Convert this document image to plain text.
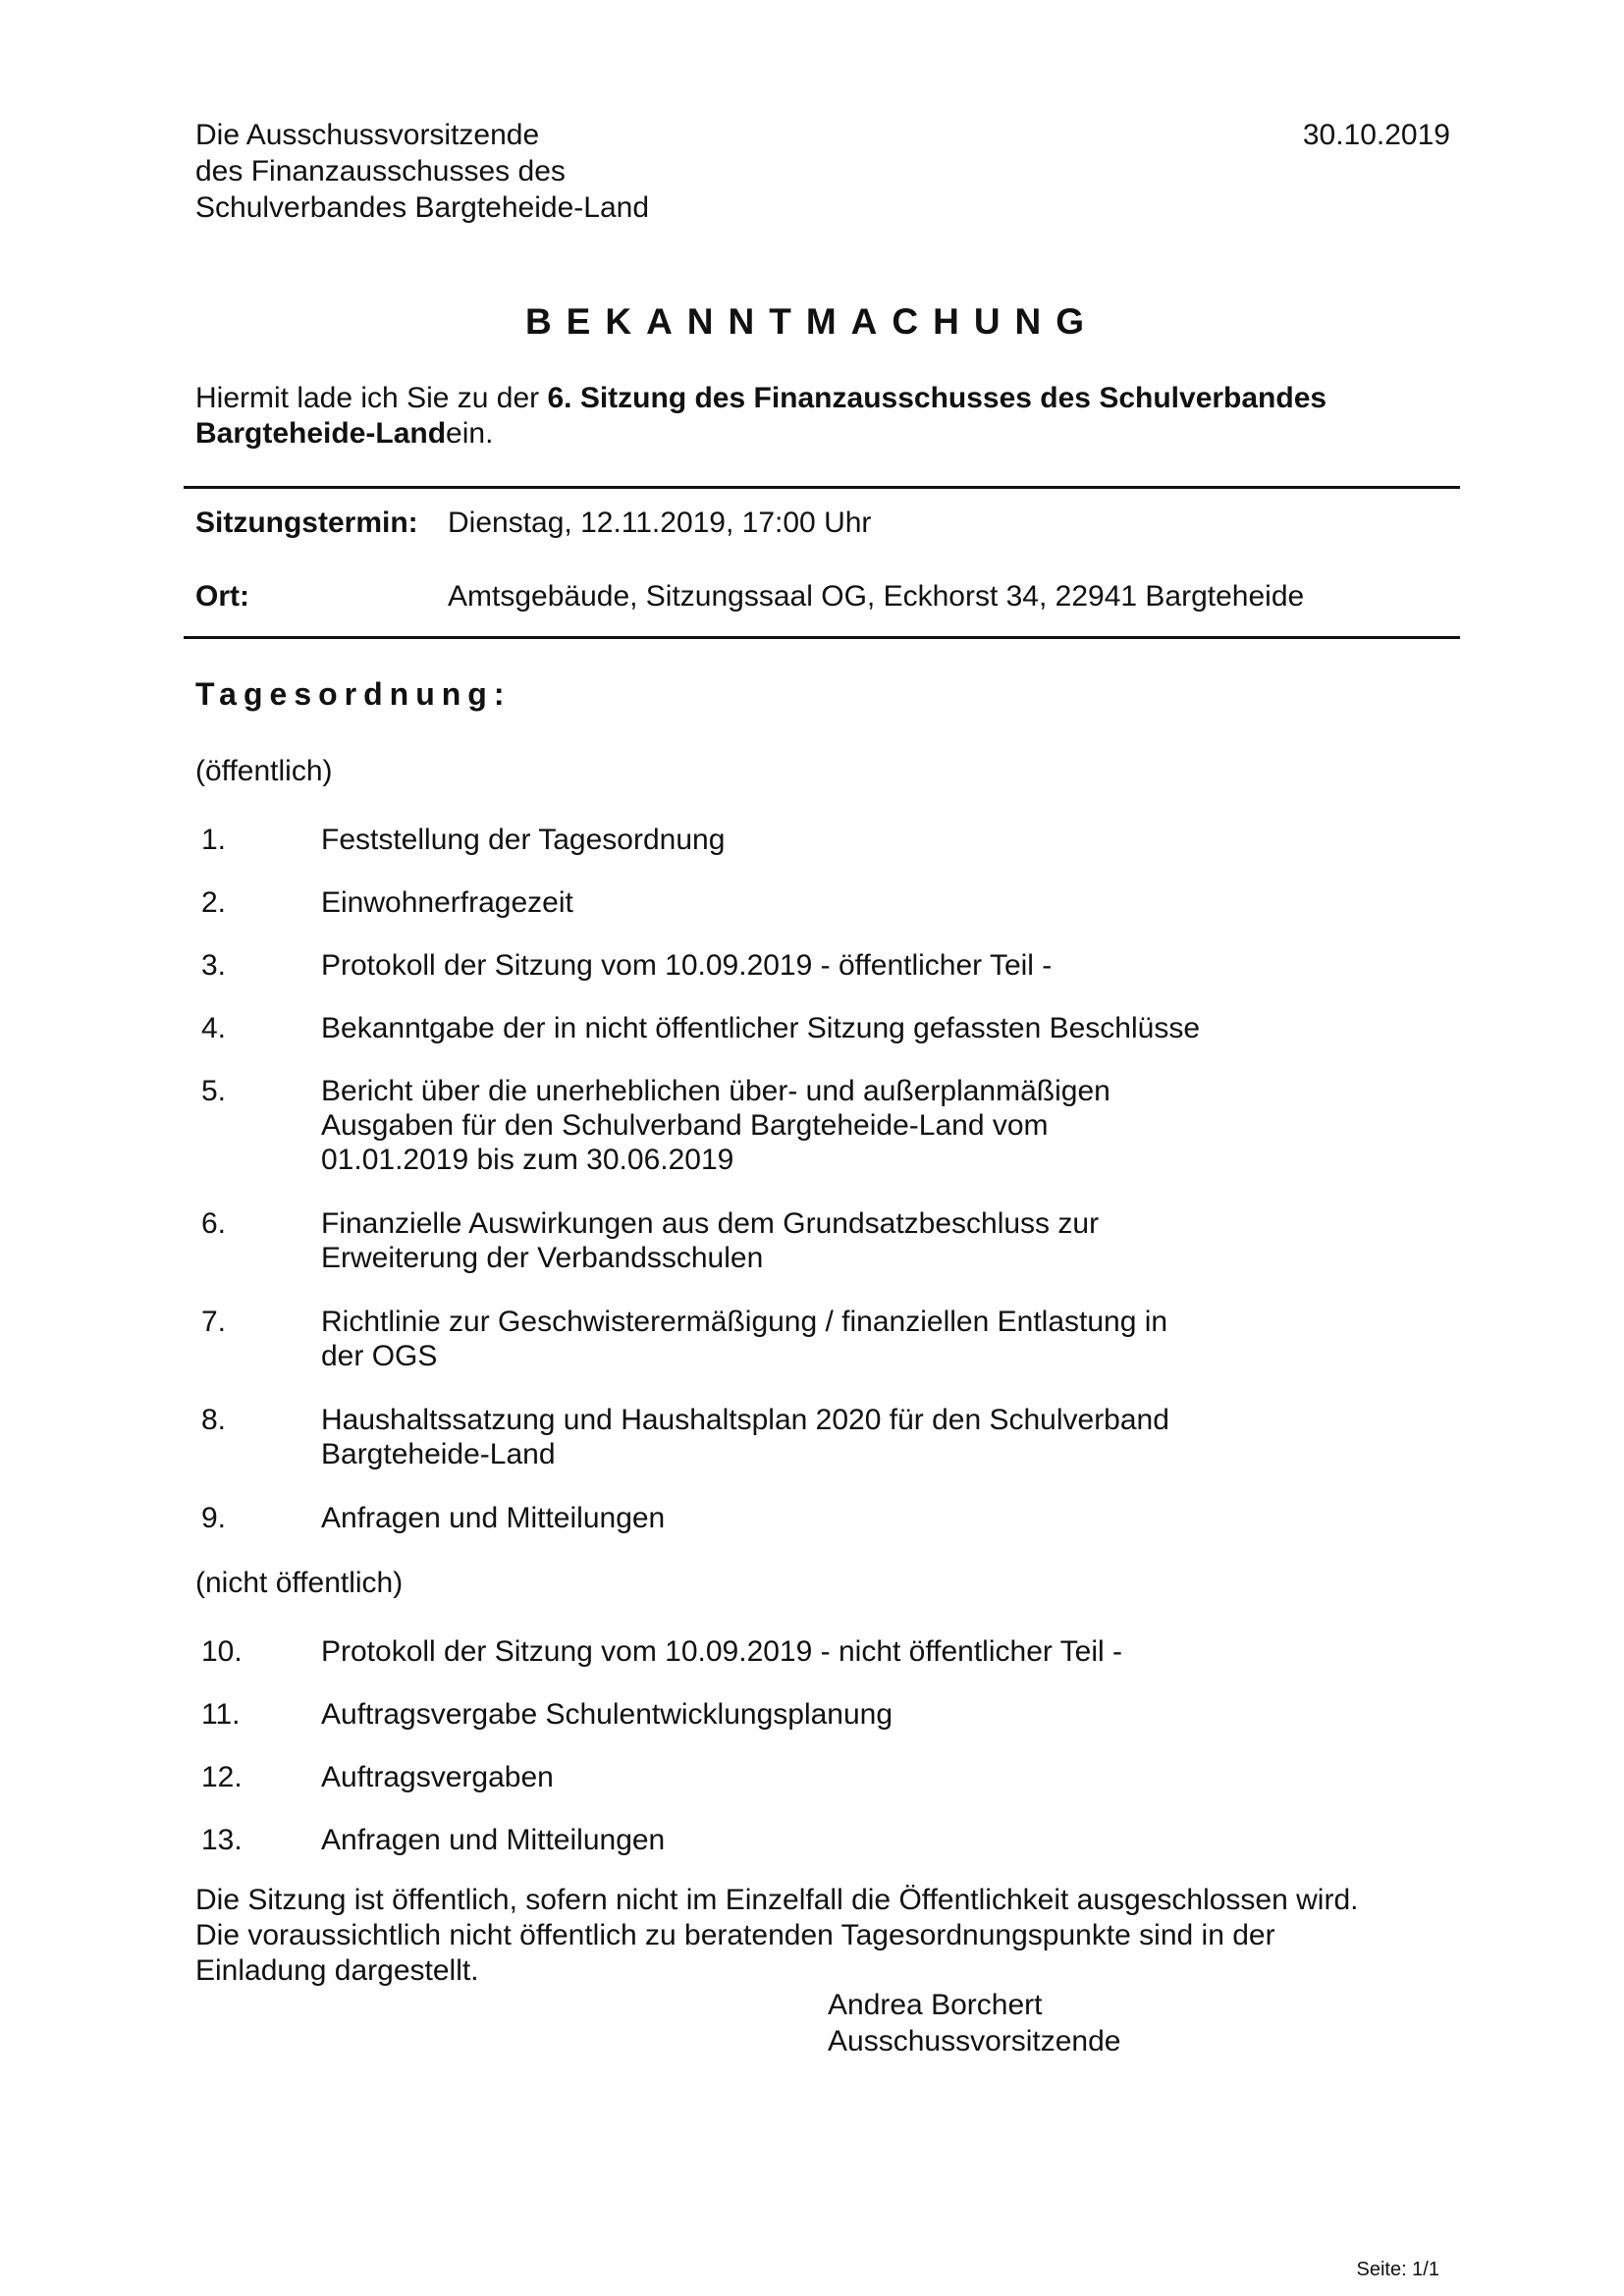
Die Ausschussvorsitzende
des Finanzausschusses des
Schulverbandes Bargteheide-Land
30.10.2019
BEKANNTMACHUNG
Hiermit lade ich Sie zu der 6. Sitzung des Finanzausschusses des Schulverbandes
Bargteheide-Landein.
Sitzungstermin: Dienstag, 12.11.2019, 17:00 Uhr
Ort:	Amtsgebäude, Sitzungssaal OG, Eckhorst 34, 22941 Bargteheide
Tagesordnung:
(öffentlich)
1.	Feststellung der Tagesordnung
2.	Einwohnerfragezeit
3.	Protokoll der Sitzung vom 10.09.2019 - öffentlicher Teil -
4.	Bekanntgabe der in nicht öffentlicher Sitzung gefassten Beschlüsse
5.	Bericht über die unerheblichen über- und außerplanmäßigen
Ausgaben für den Schulverband Bargteheide-Land vom
01.01.2019 bis zum 30.06.2019
6.	Finanzielle Auswirkungen aus dem Grundsatzbeschluss zur
Erweiterung der Verbandsschulen
7.	Richtlinie zur Geschwisterermäßigung / finanziellen Entlastung in
der OGS
8.	Haushaltssatzung und Haushaltsplan 2020 für den Schulverband
Bargteheide-Land
9.	Anfragen und Mitteilungen
10.	Protokoll der Sitzung vom 10.09.2019 - nicht öffentlicher Teil -
11.	Auftragsvergabe Schulentwicklungsplanung
12.	Auftragsvergaben
13.	Anfragen und Mitteilungen
(nicht öffentlich)
Die Sitzung ist öffentlich, sofern nicht im Einzelfall die Öffentlichkeit ausgeschlossen wird.
Die voraussichtlich nicht öffentlich zu beratenden Tagesordnungspunkte sind in der
Einladung dargestellt.
Andrea Borchert
Ausschussvorsitzende
Seite: 1/1
